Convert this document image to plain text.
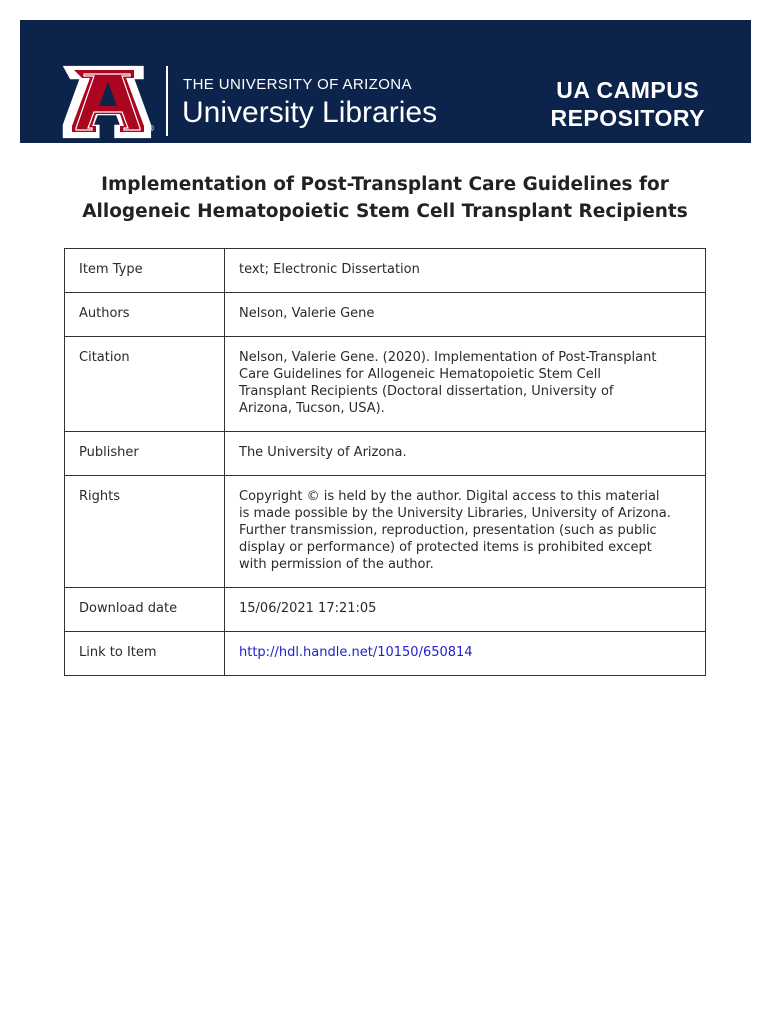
®
THE UNIVERSITY OF ARIZONA
University Libraries
UA CAMPUS
REPOSITORY
Implementation of Post-Transplant Care Guidelines for
Allogeneic Hematopoietic Stem Cell Transplant Recipients
Item Type	text; Electronic Dissertation
Authors	Nelson, Valerie Gene
Citation	Nelson, Valerie Gene. (2020). Implementation of Post-Transplant
Care Guidelines for Allogeneic Hematopoietic Stem Cell
Transplant Recipients (Doctoral dissertation, University of
Arizona, Tucson, USA).

Publisher	The University of Arizona.
Rights	Copyright © is held by the author. Digital access to this material
is made possible by the University Libraries, University of Arizona.
Further transmission, reproduction, presentation (such as public
display or performance) of protected items is prohibited except
with permission of the author.

Download date	15/06/2021 17:21:05
Link to Item	http://hdl.handle.net/10150/650814
